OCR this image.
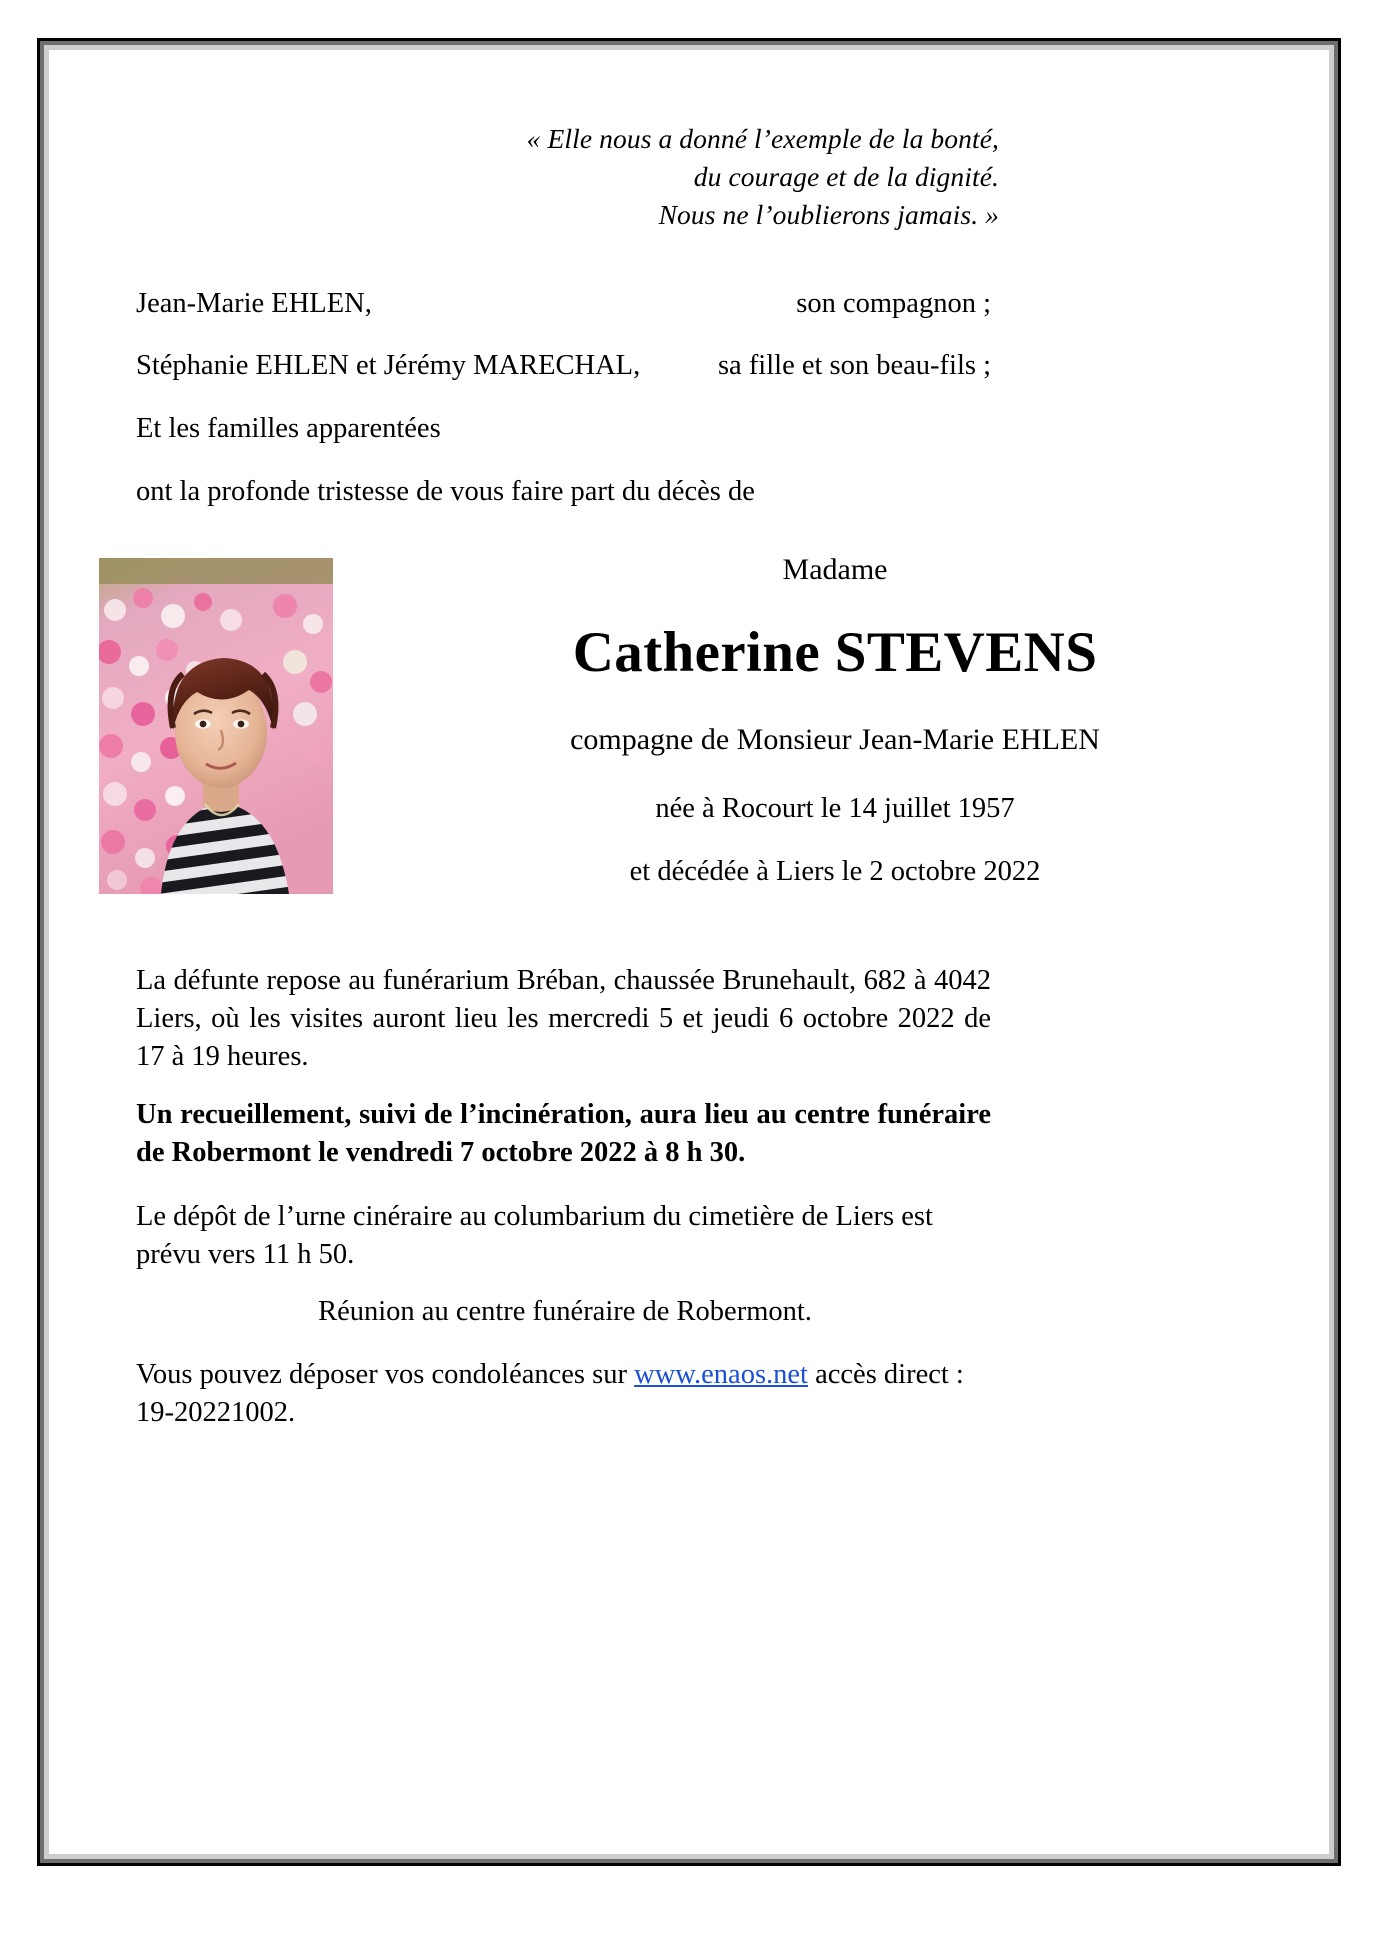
« Elle nous a donné l’exemple de la bonté,
du courage et de la dignité.
Nous ne l’oublierons jamais. »
Jean-Marie EHLEN,	son compagnon ;
Stéphanie EHLEN et Jérémy MARECHAL,	sa fille et son beau-fils ;
Et les familles apparentées
ont la profonde tristesse de vous faire part du décès de
Madame
Catherine STEVENS
compagne de Monsieur Jean-Marie EHLEN
née à Rocourt le 14 juillet 1957
et décédée à Liers le 2 octobre 2022
La défunte repose au funérarium Bréban, chaussée Brunehault, 682 à 4042 Liers, où les visites auront lieu les mercredi 5 et jeudi 6 octobre 2022 de 17 à 19 heures.
Un recueillement, suivi de l’incinération, aura lieu au centre funéraire de Robermont le vendredi 7 octobre 2022 à 8 h 30.
Le dépôt de l’urne cinéraire au columbarium du cimetière de Liers est prévu vers 11 h 50.
Réunion au centre funéraire de Robermont.
Vous pouvez déposer vos condoléances sur www.enaos.net accès direct :
19-20221002.
